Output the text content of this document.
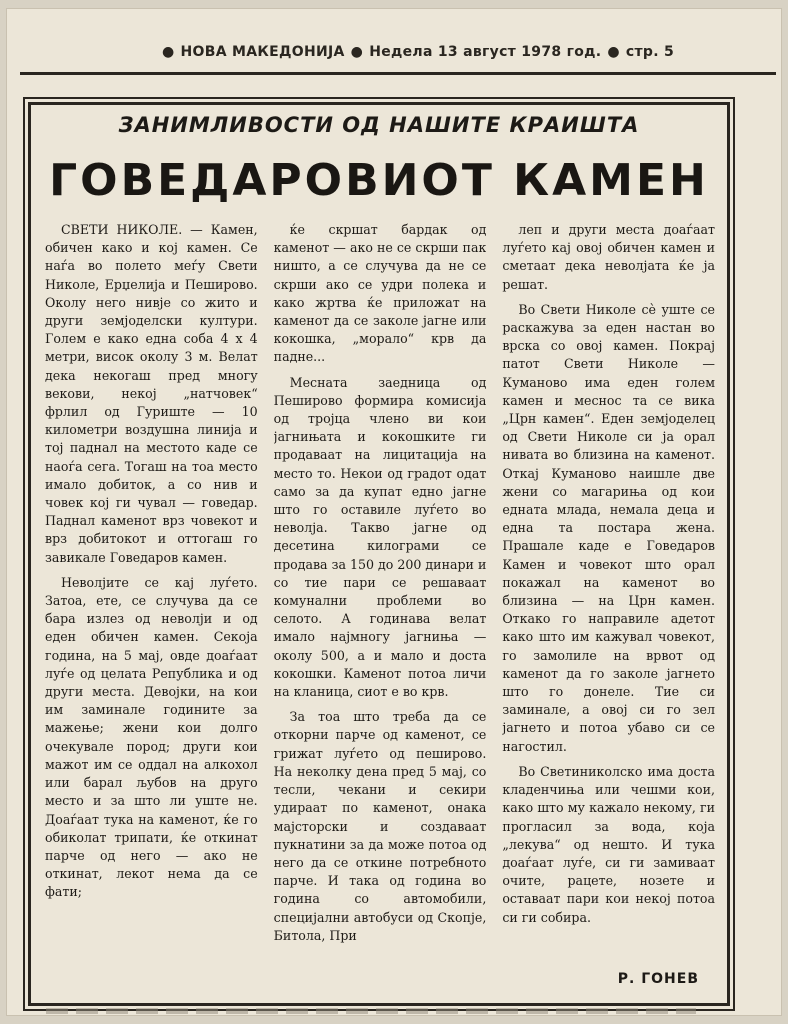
● НОВА МАКЕДОНИЈА ● Недела 13 август 1978 год. ● стр. 5
ЗАНИМЛИВОСТИ ОД НАШИТЕ КРАИШТА
ГОВЕДАРОВИОТ КАМЕН

СВЕТИ НИКОЛЕ. — Камен, обичен како и кој камен. Се наѓа во полето меѓу Свети Николе, Ерџелија и Пеширово. Околу него нивје со жито и други земјоделски култури. Голем е како една соба 4 х 4 метри, висок околу 3 м. Велат дека некогаш пред многу векови, некој „натчовек“ фрлил од Гуриште — 10 километри воздушна линија и тој паднал на местото каде се наоѓа сега. Тогаш на тоа место имало добиток, а со нив и човек кој ги чувал — говедар. Паднал каменот врз човекот и врз добитокот и оттогаш го завикале Говедаров камен.

Неволјите се кај луѓето. Затоа, ете, се случува да се бара излез од неволји и од еден обичен камен. Секоја година, на 5 мај, овде доаѓаат луѓе од целата Република и од други места. Девојки, на кои им заминале годините за мажење; жени кои долго очекувале пород; други кои мажот им се оддал на алкохол или барал љубов на друго место и за што ли уште не. Доаѓаат тука на каменот, ќе го обиколат трипати, ќе откинат парче од него — ако не откинат, лекот нема да се фати;

ќе скршат бардак од каменот — ако не се скрши пак ништо, а се случува да не се скрши ако се удри полека и како жртва ќе приложат на каменот да се заколе јагне или кокошка, „морало“ крв да падне...

Месната заедница од Пеширово формира комисија од тројца члено ви кои јагнињата и кокошките ги продаваат на лицитација на место то. Некои од градот одат само за да купат едно јагне што го оставиле луѓето во неволја. Такво јагне од десетина килограми се продава за 150 до 200 динари и со тие пари се решаваат комунални проблеми во селото. А годинава велат имало најмногу јагниња — околу 500, а и мало и доста кокошки. Каменот потоа личи на кланица, сиот е во крв.

За тоа што треба да се откорни парче од каменот, се грижат луѓето од пеширово. На неколку дена пред 5 мај, со тесли, чекани и секири удираат по каменот, онака мајсторски и создаваат пукнатини за да може потоа од него да се откине потребното парче. И така од година во година со автомобили, специјални автобуси од Скопје, Битола, При

леп и други места доаѓаат луѓето кај овој обичен камен и сметаат дека неволјата ќе ја решат.

Во Свети Николе сѐ уште се раскажува за еден настан во врска со овој камен. Покрај патот Свети Николе — Куманово има еден голем камен и меснос та се вика „Црн камен“. Еден земјоделец од Свети Николе си ја орал нивата во близина на каменот. Откај Куманово наишле две жени со магариња од кои едната млада, немала деца и една та постара жена. Прашале каде е Говедаров Камен и човекот што орал покажал на каменот во близина — на Црн камен. Откако го направиле адетот како што им кажувал човекот, го замолиле на врвот од каменот да го заколе јагнето што го донеле. Тие си заминале, а овој си го зел јагнето и потоа убаво си се нагостил.

Во Светиниколско има доста кладенчиња или чешми кои, како што му кажало некому, ги прогласил за вода, која „лекува“ од нешто. И тука доаѓаат луѓе, си ги замиваат очите, рацете, нозете и оставаат пари кои некој потоа си ги собира.

Р. ГОНЕВ
